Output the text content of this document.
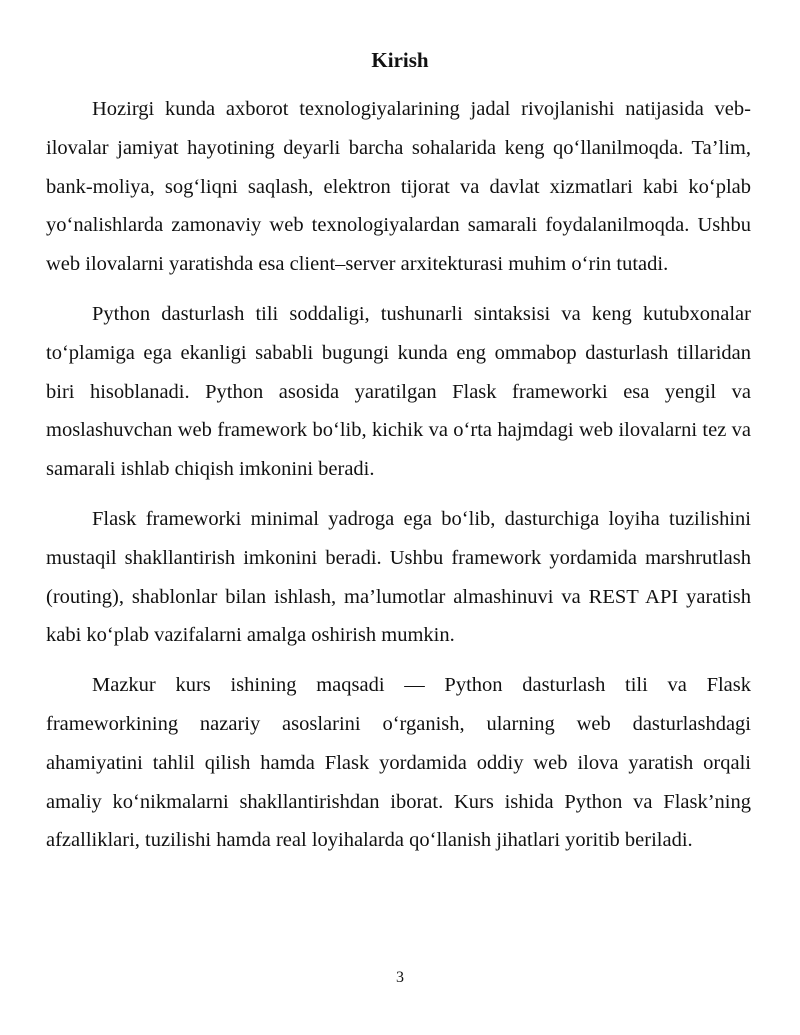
Kirish

Hozirgi kunda axborot texnologiyalarining jadal rivojlanishi natijasida veb-ilovalar jamiyat hayotining deyarli barcha sohalarida keng qo‘llanilmoqda. Ta’lim, bank-moliya, sog‘liqni saqlash, elektron tijorat va davlat xizmatlari kabi ko‘plab yo‘nalishlarda zamonaviy web texnologiyalardan samarali foydalanilmoqda. Ushbu web ilovalarni yaratishda esa client–server arxitekturasi muhim o‘rin tutadi.

Python dasturlash tili soddaligi, tushunarli sintaksisi va keng kutubxonalar to‘plamiga ega ekanligi sababli bugungi kunda eng ommabop dasturlash tillaridan biri hisoblanadi. Python asosida yaratilgan Flask frameworki esa yengil va moslashuvchan web framework bo‘lib, kichik va o‘rta hajmdagi web ilovalarni tez va samarali ishlab chiqish imkonini beradi.

Flask frameworki minimal yadroga ega bo‘lib, dasturchiga loyiha tuzilishini mustaqil shakllantirish imkonini beradi. Ushbu framework yordamida marshrutlash (routing), shablonlar bilan ishlash, ma’lumotlar almashinuvi va REST API yaratish kabi ko‘plab vazifalarni amalga oshirish mumkin.

Mazkur kurs ishining maqsadi — Python dasturlash tili va Flask frameworkining nazariy asoslarini o‘rganish, ularning web dasturlashdagi ahamiyatini tahlil qilish hamda Flask yordamida oddiy web ilova yaratish orqali amaliy ko‘nikmalarni shakllantirishdan iborat. Kurs ishida Python va Flask’ning afzalliklari, tuzilishi hamda real loyihalarda qo‘llanish jihatlari yoritib beriladi.

3
